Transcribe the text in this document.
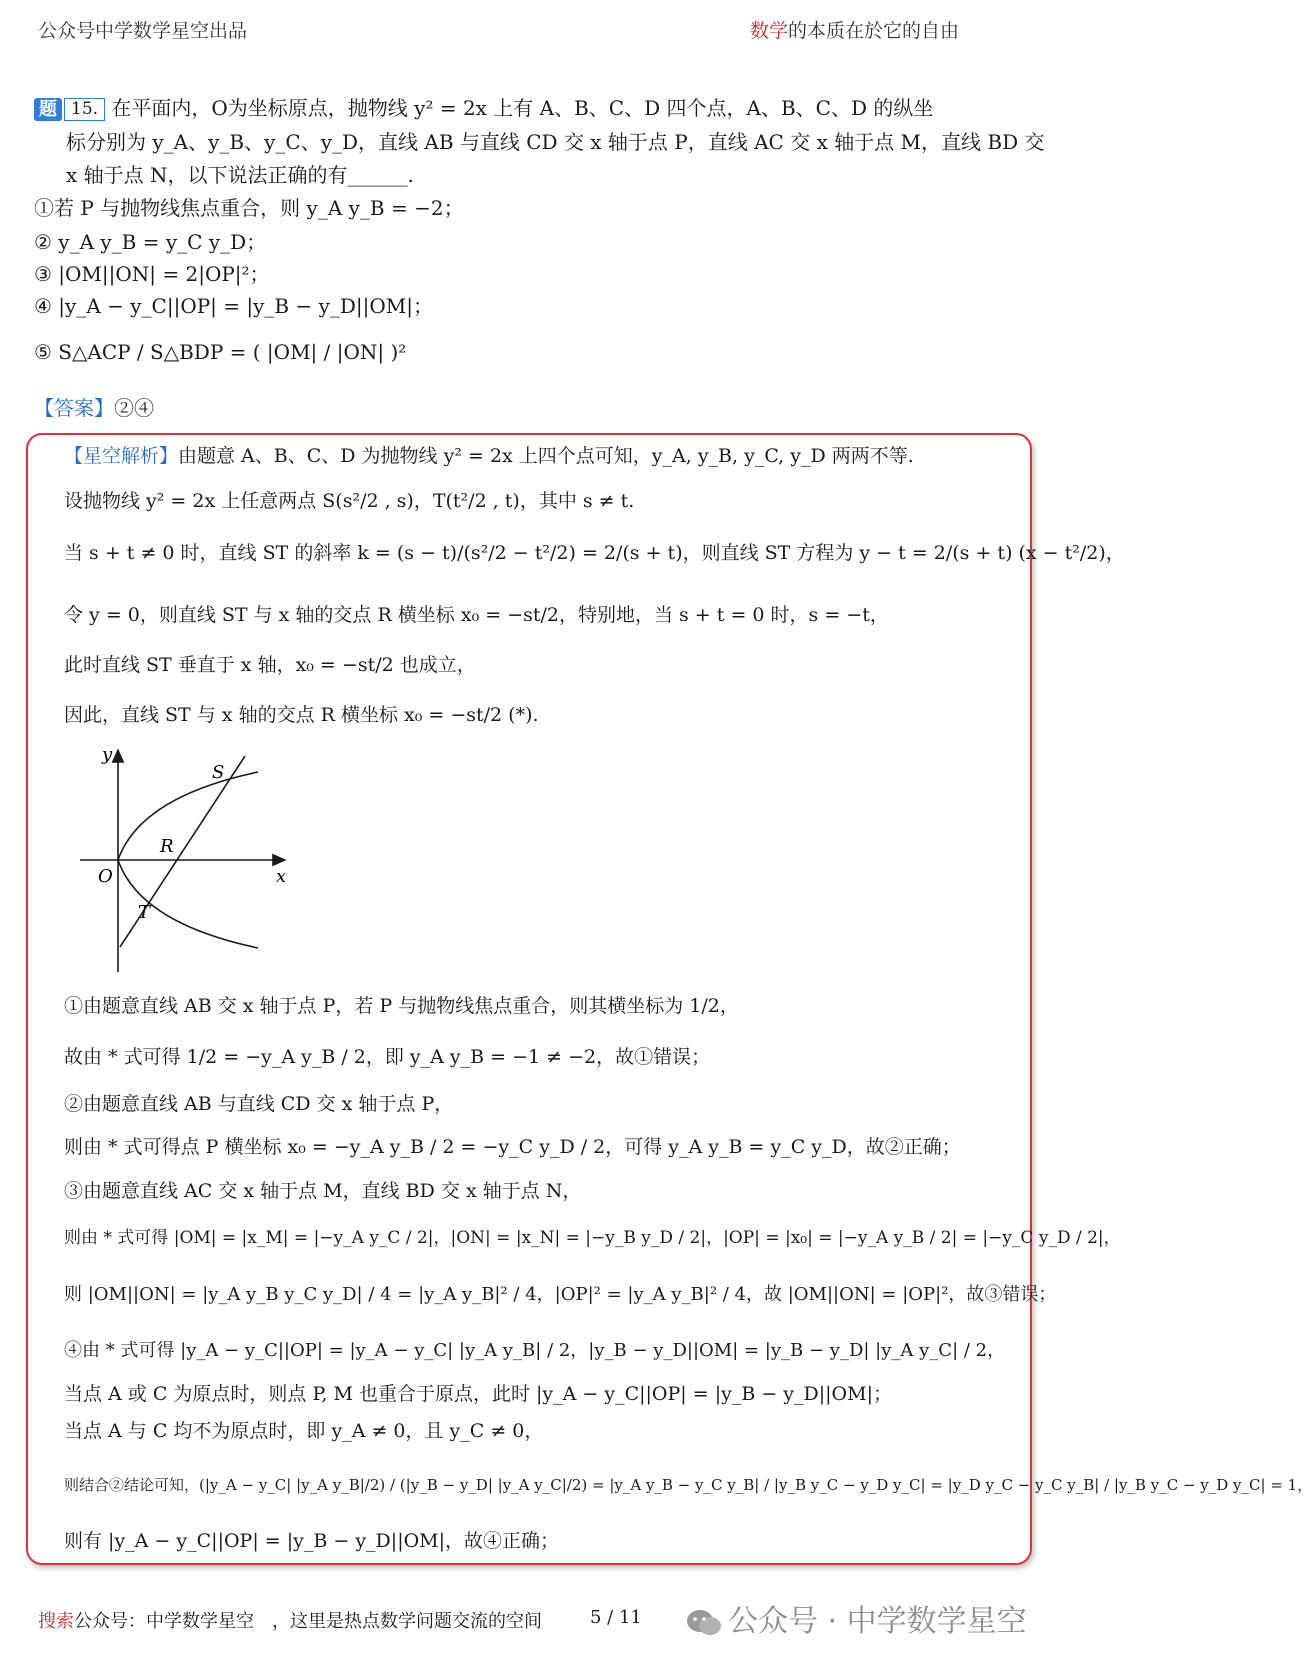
公众号中学数学星空出品	数学的本质在於它的自由
题 15. 在平面内，O为坐标原点，抛物线 y² = 2x 上有 A、B、C、D 四个点，A、B、C、D 的纵坐
标分别为 y_A、y_B、y_C、y_D，直线 AB 与直线 CD 交 x 轴于点 P，直线 AC 交 x 轴于点 M，直线 BD 交
x 轴于点 N，以下说法正确的有______.
①若 P 与抛物线焦点重合，则 y_A y_B = −2；
② y_A y_B = y_C y_D；
③ |OM||ON| = 2|OP|²；
④ |y_A − y_C||OP| = |y_B − y_D||OM|；
⑤ S△ACP / S△BDP = ( |OM| / |ON| )²
【答案】②④
【星空解析】由题意 A、B、C、D 为抛物线 y² = 2x 上四个点可知，y_A, y_B, y_C, y_D 两两不等.
设抛物线 y² = 2x 上任意两点 S(s²/2 , s)，T(t²/2 , t)，其中 s ≠ t.
当 s + t ≠ 0 时，直线 ST 的斜率 k = (s − t)/(s²/2 − t²/2) = 2/(s + t)，则直线 ST 方程为 y − t = 2/(s + t) (x − t²/2)，
令 y = 0，则直线 ST 与 x 轴的交点 R 横坐标 x₀ = −st/2，特别地，当 s + t = 0 时，s = −t，
此时直线 ST 垂直于 x 轴，x₀ = −st/2 也成立，
因此，直线 ST 与 x 轴的交点 R 横坐标 x₀ = −st/2 (*).
y
x
O
S
R
T
①由题意直线 AB 交 x 轴于点 P，若 P 与抛物线焦点重合，则其横坐标为 1/2，
故由 * 式可得 1/2 = −y_A y_B / 2，即 y_A y_B = −1 ≠ −2，故①错误；
②由题意直线 AB 与直线 CD 交 x 轴于点 P，
则由 * 式可得点 P 横坐标 x₀ = −y_A y_B / 2 = −y_C y_D / 2，可得 y_A y_B = y_C y_D，故②正确；
③由题意直线 AC 交 x 轴于点 M，直线 BD 交 x 轴于点 N，
则由 * 式可得 |OM| = |x_M| = |−y_A y_C / 2|，|ON| = |x_N| = |−y_B y_D / 2|，|OP| = |x₀| = |−y_A y_B / 2| = |−y_C y_D / 2|，
则 |OM||ON| = |y_A y_B y_C y_D| / 4 = |y_A y_B|² / 4，|OP|² = |y_A y_B|² / 4，故 |OM||ON| = |OP|²，故③错误；
④由 * 式可得 |y_A − y_C||OP| = |y_A − y_C| |y_A y_B| / 2，|y_B − y_D||OM| = |y_B − y_D| |y_A y_C| / 2，
当点 A 或 C 为原点时，则点 P, M 也重合于原点，此时 |y_A − y_C||OP| = |y_B − y_D||OM|；
当点 A 与 C 均不为原点时，即 y_A ≠ 0，且 y_C ≠ 0，
则结合②结论可知，(|y_A − y_C| |y_A y_B|/2) / (|y_B − y_D| |y_A y_C|/2) = |y_A y_B − y_C y_B| / |y_B y_C − y_D y_C| = |y_D y_C − y_C y_B| / |y_B y_C − y_D y_C| = 1，
则有 |y_A − y_C||OP| = |y_B − y_D||OM|，故④正确；
搜索公众号：中学数学星空　，这里是热点数学问题交流的空间	5 / 11	公众号 · 中学数学星空
